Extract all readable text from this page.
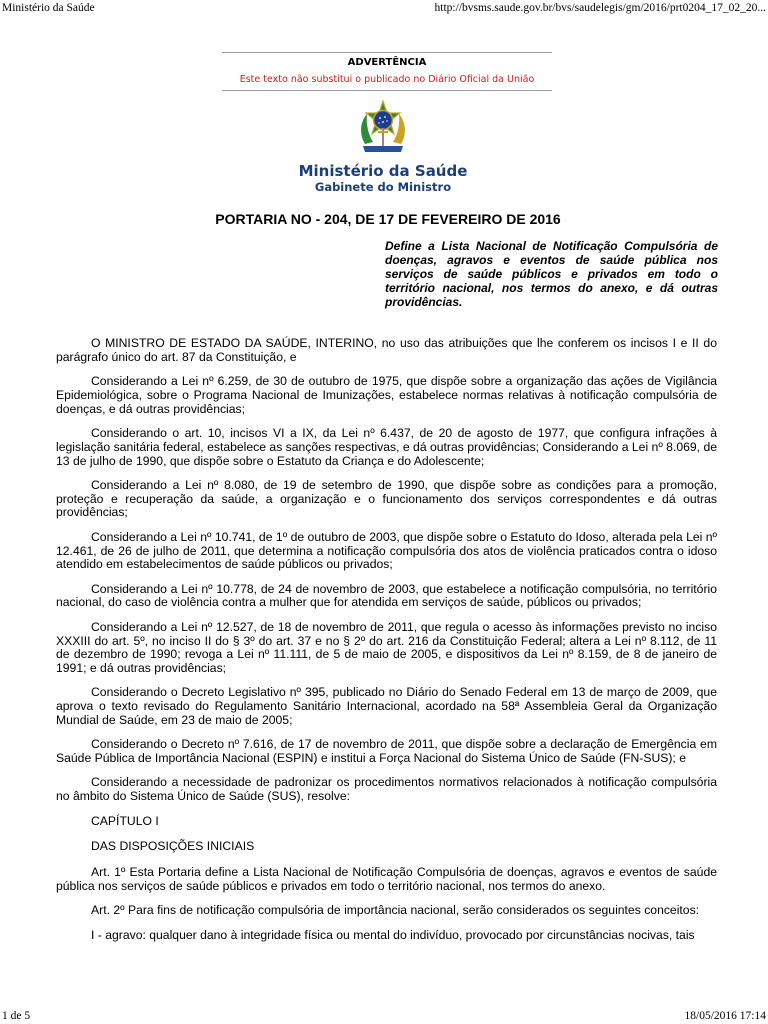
Ministério da Saúde	http://bvsms.saude.gov.br/bvs/saudelegis/gm/2016/prt0204_17_02_20...
ADVERTÊNCIA
Este texto não substitui o publicado no Diário Oficial da União
Ministério da Saúde
Gabinete do Ministro
PORTARIA NO - 204, DE 17 DE FEVEREIRO DE 2016
Define a Lista Nacional de Notificação Compulsória de doenças, agravos e eventos de saúde pública nos serviços de saúde públicos e privados em todo o território nacional, nos termos do anexo, e dá outras providências.

O MINISTRO DE ESTADO DA SAÚDE, INTERINO, no uso das atribuições que lhe conferem os incisos I e II do parágrafo único do art. 87 da Constituição, e

Considerando a Lei nº 6.259, de 30 de outubro de 1975, que dispõe sobre a organização das ações de Vigilância Epidemiológica, sobre o Programa Nacional de Imunizações, estabelece normas relativas à notificação compulsória de doenças, e dá outras providências;

Considerando o art. 10, incisos VI a IX, da Lei nº 6.437, de 20 de agosto de 1977, que configura infrações à legislação sanitária federal, estabelece as sanções respectivas, e dá outras providências; Considerando a Lei nº 8.069, de 13 de julho de 1990, que dispõe sobre o Estatuto da Criança e do Adolescente;

Considerando a Lei nº 8.080, de 19 de setembro de 1990, que dispõe sobre as condições para a promoção, proteção e recuperação da saúde, a organização e o funcionamento dos serviços correspondentes e dá outras providências;

Considerando a Lei nº 10.741, de 1º de outubro de 2003, que dispõe sobre o Estatuto do Idoso, alterada pela Lei nº 12.461, de 26 de julho de 2011, que determina a notificação compulsória dos atos de violência praticados contra o idoso atendido em estabelecimentos de saúde públicos ou privados;

Considerando a Lei nº 10.778, de 24 de novembro de 2003, que estabelece a notificação compulsória, no território nacional, do caso de violência contra a mulher que for atendida em serviços de saúde, públicos ou privados;

Considerando a Lei nº 12.527, de 18 de novembro de 2011, que regula o acesso às informações previsto no inciso XXXIII do art. 5º, no inciso II do § 3º do art. 37 e no § 2º do art. 216 da Constituição Federal; altera a Lei nº 8.112, de 11 de dezembro de 1990; revoga a Lei nº 11.111, de 5 de maio de 2005, e dispositivos da Lei nº 8.159, de 8 de janeiro de 1991; e dá outras providências;

Considerando o Decreto Legislativo nº 395, publicado no Diário do Senado Federal em 13 de março de 2009, que aprova o texto revisado do Regulamento Sanitário Internacional, acordado na 58ª Assembleia Geral da Organização Mundial de Saúde, em 23 de maio de 2005;

Considerando o Decreto nº 7.616, de 17 de novembro de 2011, que dispõe sobre a declaração de Emergência em Saúde Pública de Importância Nacional (ESPIN) e institui a Força Nacional do Sistema Único de Saúde (FN-SUS); e

Considerando a necessidade de padronizar os procedimentos normativos relacionados à notificação compulsória no âmbito do Sistema Único de Saúde (SUS), resolve:

CAPÍTULO I

DAS DISPOSIÇÕES INICIAIS

Art. 1º Esta Portaria define a Lista Nacional de Notificação Compulsória de doenças, agravos e eventos de saúde pública nos serviços de saúde públicos e privados em todo o território nacional, nos termos do anexo.

Art. 2º Para fins de notificação compulsória de importância nacional, serão considerados os seguintes conceitos:

I - agravo: qualquer dano à integridade física ou mental do indivíduo, provocado por circunstâncias nocivas, tais

1 de 5	18/05/2016 17:14
